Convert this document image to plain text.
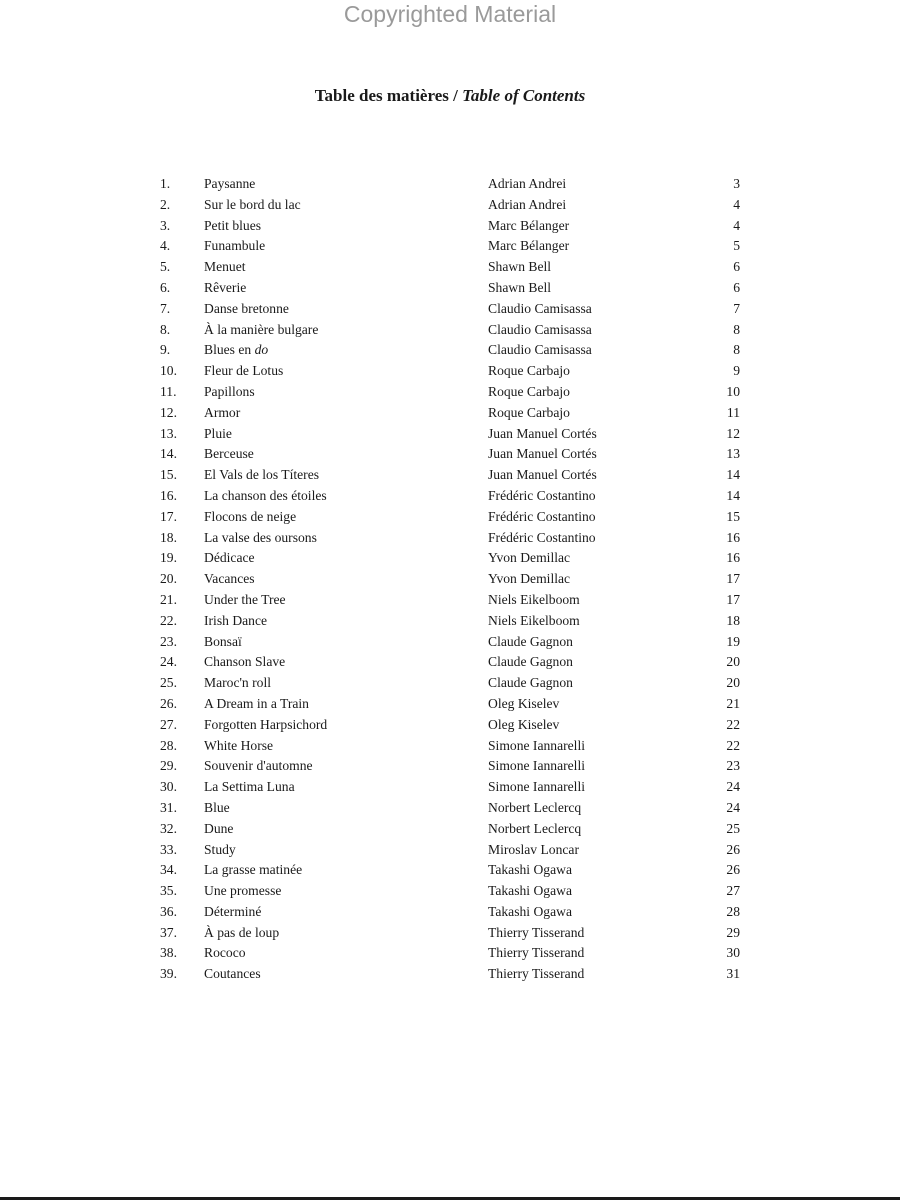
Copyrighted Material
Table des matières / Table of Contents
1. Paysanne	Adrian Andrei	3
2. Sur le bord du lac	Adrian Andrei	4
3. Petit blues	Marc Bélanger	4
4. Funambule	Marc Bélanger	5
5. Menuet	Shawn Bell	6
6. Rêverie	Shawn Bell	6
7. Danse bretonne	Claudio Camisassa	7
8. À la manière bulgare	Claudio Camisassa	8
9. Blues en do	Claudio Camisassa	8
10. Fleur de Lotus	Roque Carbajo	9
11. Papillons	Roque Carbajo	10
12. Armor	Roque Carbajo	11
13. Pluie	Juan Manuel Cortés	12
14. Berceuse	Juan Manuel Cortés	13
15. El Vals de los Títeres	Juan Manuel Cortés	14
16. La chanson des étoiles	Frédéric Costantino	14
17. Flocons de neige	Frédéric Costantino	15
18. La valse des oursons	Frédéric Costantino	16
19. Dédicace	Yvon Demillac	16
20. Vacances	Yvon Demillac	17
21. Under the Tree	Niels Eikelboom	17
22. Irish Dance	Niels Eikelboom	18
23. Bonsaï	Claude Gagnon	19
24. Chanson Slave	Claude Gagnon	20
25. Maroc'n roll	Claude Gagnon	20
26. A Dream in a Train	Oleg Kiselev	21
27. Forgotten Harpsichord	Oleg Kiselev	22
28. White Horse	Simone Iannarelli	22
29. Souvenir d'automne	Simone Iannarelli	23
30. La Settima Luna	Simone Iannarelli	24
31. Blue	Norbert Leclercq	24
32. Dune	Norbert Leclercq	25
33. Study	Miroslav Loncar	26
34. La grasse matinée	Takashi Ogawa	26
35. Une promesse	Takashi Ogawa	27
36. Déterminé	Takashi Ogawa	28
37. À pas de loup	Thierry Tisserand	29
38. Rococo	Thierry Tisserand	30
39. Coutances	Thierry Tisserand	31
